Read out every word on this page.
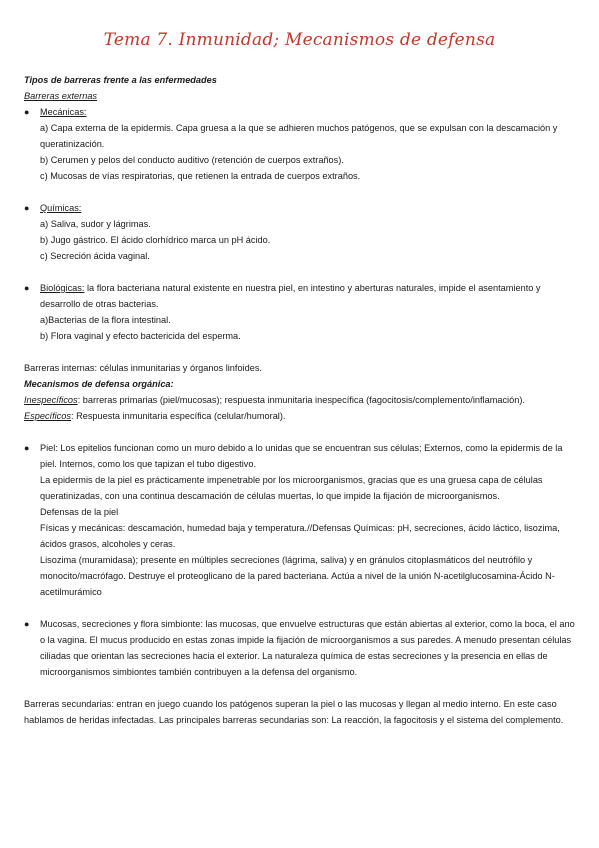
Tema 7. Inmunidad; Mecanismos de defensa

Tipos de barreras frente a las enfermedades

Barreras externas

● Mecánicas:

a) Capa externa de la epidermis. Capa gruesa a la que se adhieren muchos patógenos, que se expulsan con la descamación y queratinización.

b) Cerumen y pelos del conducto auditivo (retención de cuerpos extraños).

c) Mucosas de vías respiratorias, que retienen la entrada de cuerpos extraños.

● Químicas:

a) Saliva, sudor y lágrimas.

b) Jugo gástrico. El ácido clorhídrico marca un pH ácido.

c) Secreción ácida vaginal.

● Biológicas: la flora bacteriana natural existente en nuestra piel, en intestino y aberturas naturales, impide el asentamiento y desarrollo de otras bacterias.

a)Bacterias de la flora intestinal.

b) Flora vaginal y efecto bactericida del esperma.

Barreras internas: células inmunitarias y órganos linfoides.

Mecanismos de defensa orgánica:

Inespecíficos: barreras primarias (piel/mucosas); respuesta inmunitaria inespecífica (fagocitosis/complemento/inflamación).

Específicos: Respuesta inmunitaria específica (celular/humoral).

● Piel: Los epitelios funcionan como un muro debido a lo unidas que se encuentran sus células; Externos, como la epidermis de la piel. Internos, como los que tapizan el tubo digestivo.

La epidermis de la piel es prácticamente impenetrable por los microorganismos, gracias que es una gruesa capa de células queratinizadas, con una continua descamación de células muertas, lo que impide la fijación de microorganismos.

Defensas de la piel

Físicas y mecánicas: descamación, humedad baja y temperatura.//Defensas Químicas: pH, secreciones, ácido láctico, lisozima, ácidos grasos, alcoholes y ceras.

Lisozima (muramidasa); presente en múltiples secreciones (lágrima, saliva) y en gránulos citoplasmáticos del neutrófilo y monocito/macrófago. Destruye el proteoglicano de la pared bacteriana. Actúa a nivel de la unión N-acetilglucosamina-Ácido N-acetilmurámico

● Mucosas, secreciones y flora simbionte: las mucosas, que envuelve estructuras que están abiertas al exterior, como la boca, el ano o la vagina. El mucus producido en estas zonas impide la fijación de microorganismos a sus paredes. A menudo presentan células ciliadas que orientan las secreciones hacia el exterior. La naturaleza química de estas secreciones y la presencia en ellas de microorganismos simbiontes también contribuyen a la defensa del organismo.

Barreras secundarias: entran en juego cuando los patógenos superan la piel o las mucosas y llegan al medio interno. En este caso hablamos de heridas infectadas. Las principales barreras secundarias son: La reacción, la fagocitosis y el sistema del complemento.
